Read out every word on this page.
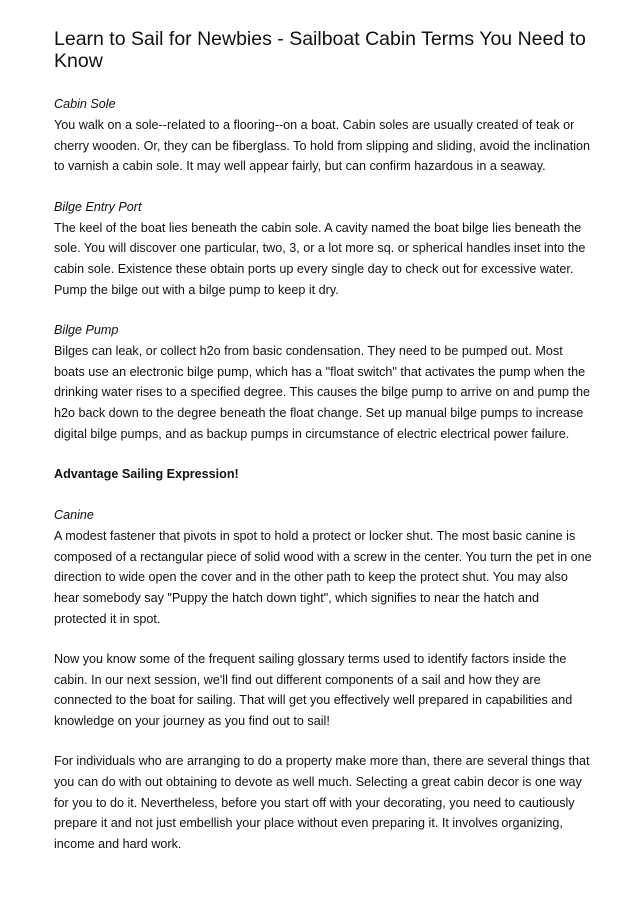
Learn to Sail for Newbies - Sailboat Cabin Terms You Need to Know

Cabin Sole

You walk on a sole--related to a flooring--on a boat. Cabin soles are usually created of teak or cherry wooden. Or, they can be fiberglass. To hold from slipping and sliding, avoid the inclination to varnish a cabin sole. It may well appear fairly, but can confirm hazardous in a seaway.

Bilge Entry Port

The keel of the boat lies beneath the cabin sole. A cavity named the boat bilge lies beneath the sole. You will discover one particular, two, 3, or a lot more sq. or spherical handles inset into the cabin sole. Existence these obtain ports up every single day to check out for excessive water. Pump the bilge out with a bilge pump to keep it dry.

Bilge Pump

Bilges can leak, or collect h2o from basic condensation. They need to be pumped out. Most boats use an electronic bilge pump, which has a "float switch" that activates the pump when the drinking water rises to a specified degree. This causes the bilge pump to arrive on and pump the h2o back down to the degree beneath the float change. Set up manual bilge pumps to increase digital bilge pumps, and as backup pumps in circumstance of electric electrical power failure.

Advantage Sailing Expression!

Canine

A modest fastener that pivots in spot to hold a protect or locker shut. The most basic canine is composed of a rectangular piece of solid wood with a screw in the center. You turn the pet in one direction to wide open the cover and in the other path to keep the protect shut. You may also hear somebody say "Puppy the hatch down tight", which signifies to near the hatch and protected it in spot.

Now you know some of the frequent sailing glossary terms used to identify factors inside the cabin. In our next session, we'll find out different components of a sail and how they are connected to the boat for sailing. That will get you effectively well prepared in capabilities and knowledge on your journey as you find out to sail!

For individuals who are arranging to do a property make more than, there are several things that you can do with out obtaining to devote as well much. Selecting a great cabin decor is one way for you to do it. Nevertheless, before you start off with your decorating, you need to cautiously prepare it and not just embellish your place without even preparing it. It involves organizing, income and hard work.
